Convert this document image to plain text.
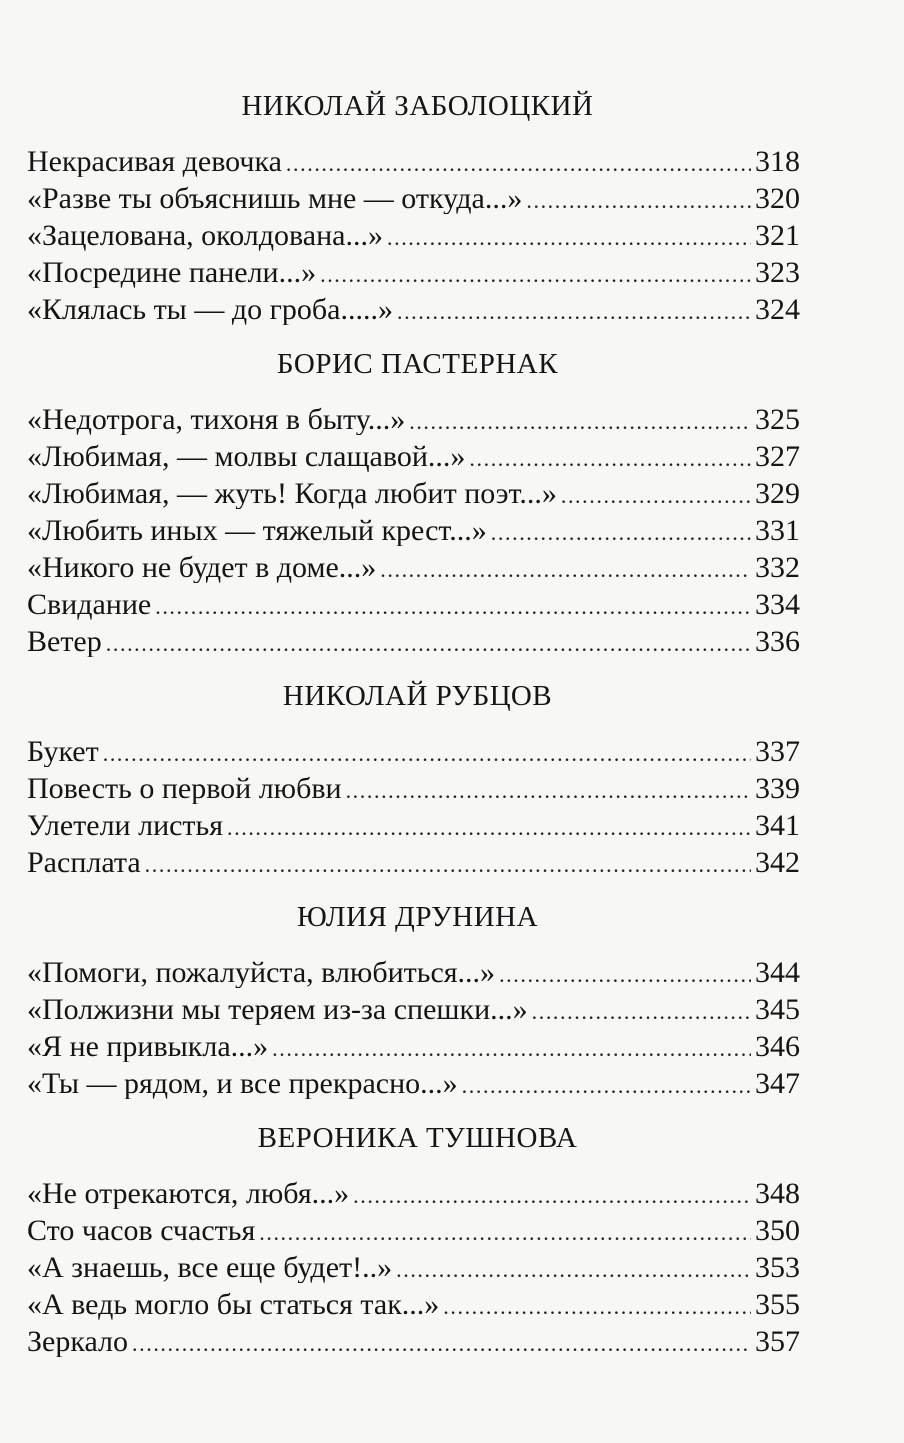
НИКОЛАЙ ЗАБОЛОЦКИЙ
Некрасивая девочка .....	318
«Разве ты объяснишь мне — откуда...» .....	320
«Зацелована, околдована...» .....	321
«Посредине панели...» .....	323
«Клялась ты — до гроба.....» .....	324
БОРИС ПАСТЕРНАК
«Недотрога, тихоня в быту...» .....	325
«Любимая, — молвы слащавой...» .....	327
«Любимая, — жуть! Когда любит поэт...» .....	329
«Любить иных — тяжелый крест...» .....	331
«Никого не будет в доме...» .....	332
Свидание .....	334
Ветер .....	336
НИКОЛАЙ РУБЦОВ
Букет .....	337
Повесть о первой любви .....	339
Улетели листья .....	341
Расплата .....	342
ЮЛИЯ ДРУНИНА
«Помоги, пожалуйста, влюбиться...» .....	344
«Полжизни мы теряем из-за спешки...» .....	345
«Я не привыкла...» .....	346
«Ты — рядом, и все прекрасно...» .....	347
ВЕРОНИКА ТУШНОВА
«Не отрекаются, любя...» .....	348
Сто часов счастья .....	350
«А знаешь, все еще будет!..» .....	353
«А ведь могло бы статься так...» .....	355
Зеркало .....	357
